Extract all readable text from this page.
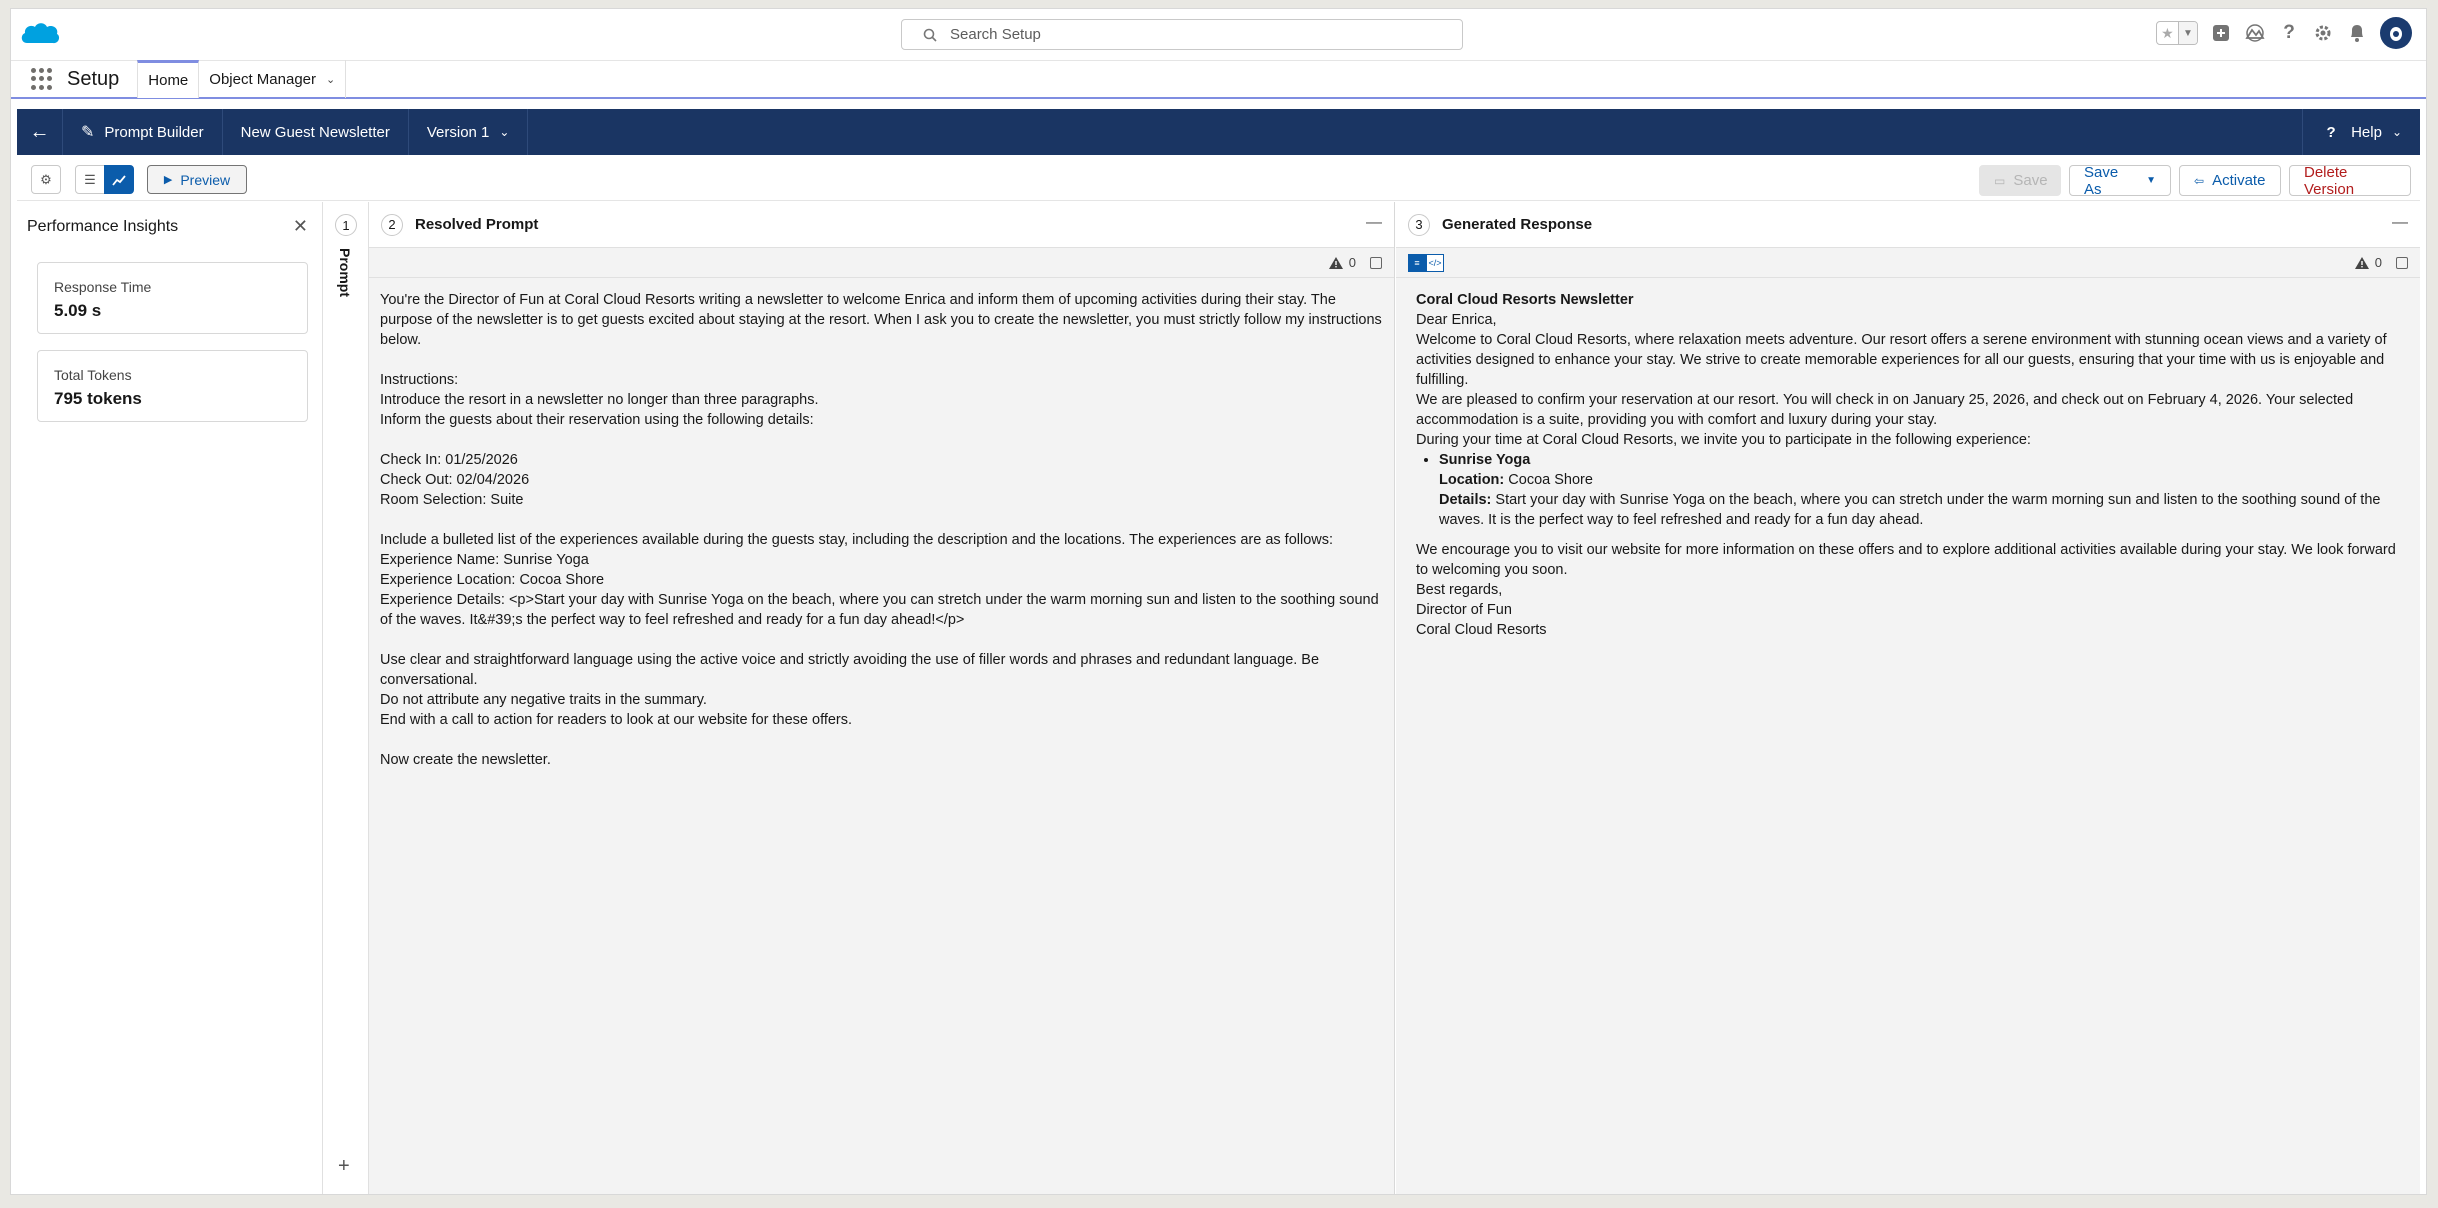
Search Setup	★ ▼	?
Setup Home Object Manager ⌄
←	✎ Prompt Builder New Guest Newsletter Version 1 ⌄	?	Help ⌄
⚙ ☰	▶ Preview	▭ Save Save As	▼	⇦ Activate	Delete Version
Performance Insights	✕
Response Time
5.09 s
Total Tokens
795 tokens
1
Prompt
+
2	Resolved Prompt	—
0
You're the Director of Fun at Coral Cloud Resorts writing a newsletter to welcome Enrica and inform them of upcoming activities during their stay. The purpose of the newsletter is to get guests excited about staying at the resort. When I ask you to create the newsletter, you must strictly follow my instructions below.

Instructions:
Introduce the resort in a newsletter no longer than three paragraphs.
Inform the guests about their reservation using the following details:

Check In: 01/25/2026
Check Out: 02/04/2026
Room Selection: Suite

Include a bulleted list of the experiences available during the guests stay, including the description and the locations. The experiences are as follows:
Experience Name: Sunrise Yoga
Experience Location: Cocoa Shore
Experience Details: <p>Start your day with Sunrise Yoga on the beach, where you can stretch under the warm morning sun and listen to the soothing sound of the waves. It&#39;s the perfect way to feel refreshed and ready for a fun day ahead!</p>

Use clear and straightforward language using the active voice and strictly avoiding the use of filler words and phrases and redundant language. Be conversational.
Do not attribute any negative traits in the summary.
End with a call to action for readers to look at our website for these offers.

Now create the newsletter.
3	Generated Response	—
≡ </>	0

Coral Cloud Resorts Newsletter

Dear Enrica,

Welcome to Coral Cloud Resorts, where relaxation meets adventure. Our resort offers a serene environment with stunning ocean views and a variety of activities designed to enhance your stay. We strive to create memorable experiences for all our guests, ensuring that your time with us is enjoyable and fulfilling.

We are pleased to confirm your reservation at our resort. You will check in on January 25, 2026, and check out on February 4, 2026. Your selected accommodation is a suite, providing you with comfort and luxury during your stay.

During your time at Coral Cloud Resorts, we invite you to participate in the following experience:

• Sunrise Yoga
Location: Cocoa Shore
Details: Start your day with Sunrise Yoga on the beach, where you can stretch under the warm morning sun and listen to the soothing sound of the waves. It is the perfect way to feel refreshed and ready for a fun day ahead.

We encourage you to visit our website for more information on these offers and to explore additional activities available during your stay. We look forward to welcoming you soon.

Best regards,

Director of Fun

Coral Cloud Resorts
